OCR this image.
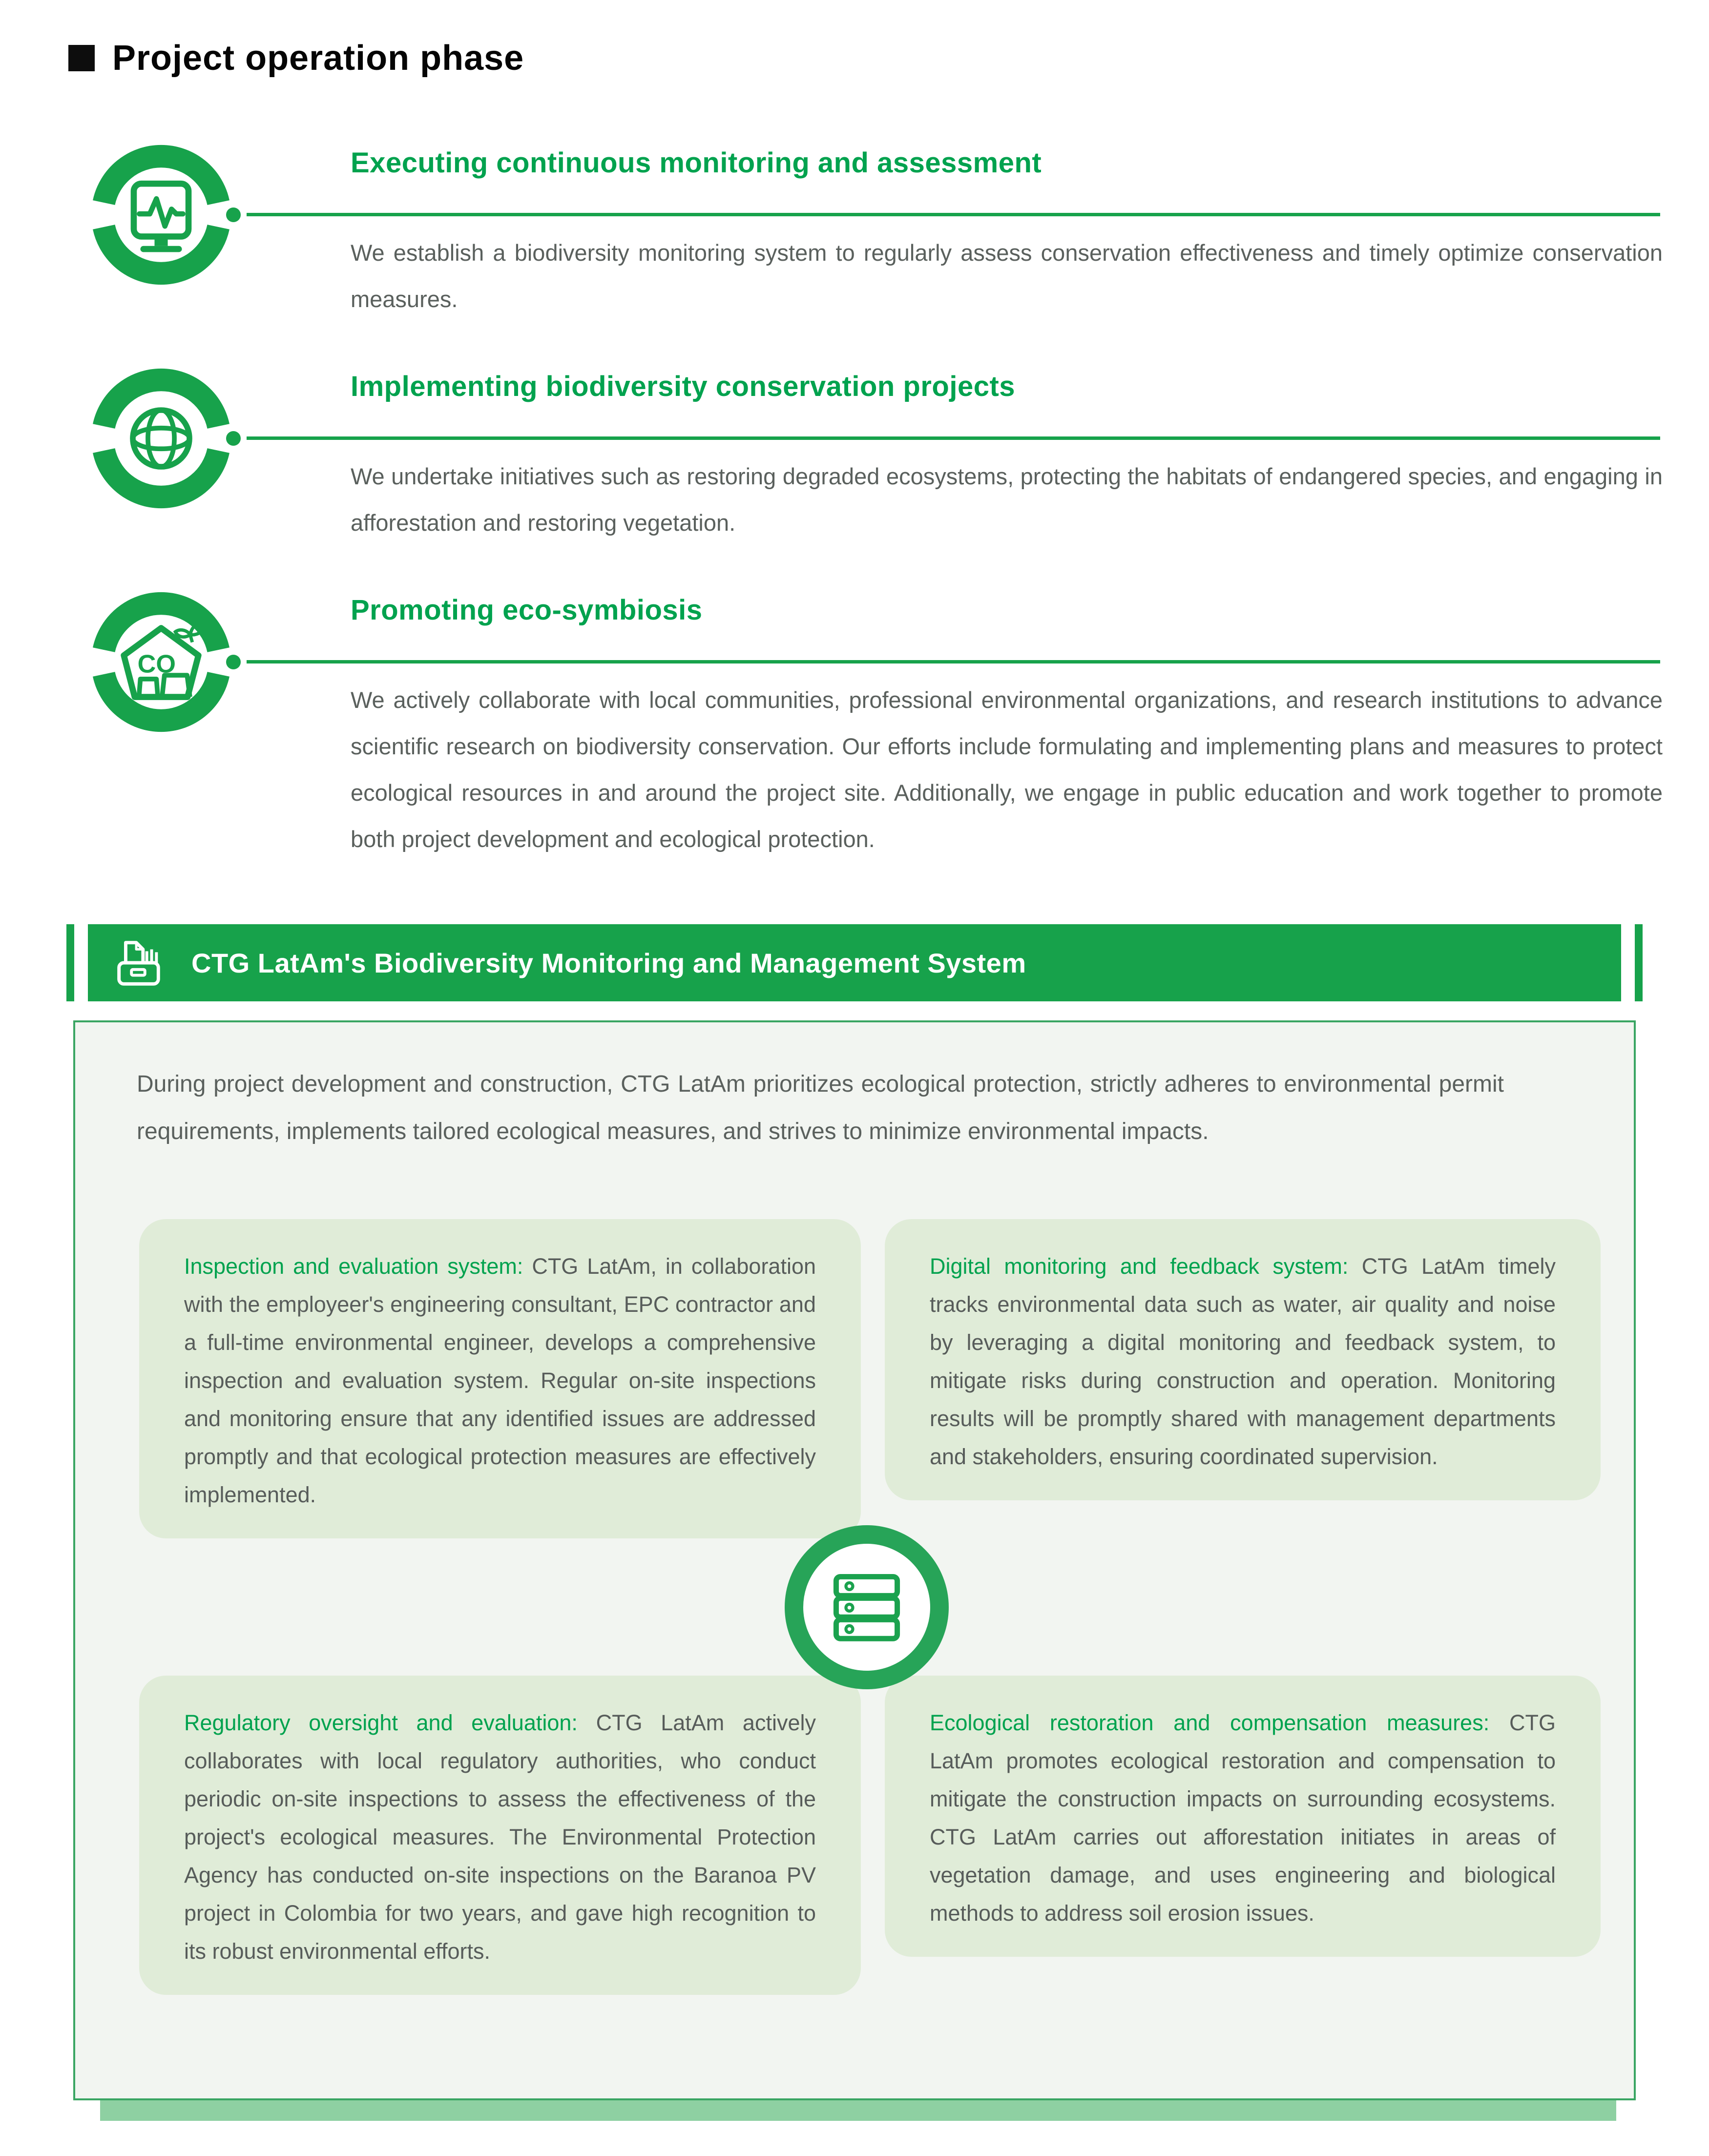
Project operation phase
Executing continuous monitoring and assessment
We establish a biodiversity monitoring system to regularly assess conservation effectiveness and timely optimize conservation measures.
Implementing biodiversity conservation projects
We undertake initiatives such as restoring degraded ecosystems, protecting the habitats of endangered species, and engaging in afforestation and restoring vegetation.
CO
Promoting eco-symbiosis
We actively collaborate with local communities, professional environmental organizations, and research institutions to advance scientific research on biodiversity conservation. Our efforts include formulating and implementing plans and measures to protect ecological resources in and around the project site. Additionally, we engage in public education and work together to promote both project development and ecological protection.
CTG LatAm's Biodiversity Monitoring and Management System
During project development and construction, CTG LatAm prioritizes ecological protection, strictly adheres to environmental permit requirements, implements tailored ecological measures, and strives to minimize environmental impacts.
Inspection and evaluation system: CTG LatAm, in collaboration with the employeer's engineering consultant, EPC contractor and a full-time environmental engineer, develops a comprehensive inspection and evaluation system. Regular on-site inspections and monitoring ensure that any identified issues are addressed promptly and that ecological protection measures are effectively implemented.
Digital monitoring and feedback system: CTG LatAm timely tracks environmental data such as water, air quality and noise by leveraging a digital monitoring and feedback system, to mitigate risks during construction and operation. Monitoring results will be promptly shared with management departments and stakeholders, ensuring coordinated supervision.
Regulatory oversight and evaluation: CTG LatAm actively collaborates with local regulatory authorities, who conduct periodic on-site inspections to assess the effectiveness of the project's ecological measures. The Environmental Protection Agency has conducted on-site inspections on the Baranoa PV project in Colombia for two years, and gave high recognition to its robust environmental efforts.
Ecological restoration and compensation measures: CTG LatAm promotes ecological restoration and compensation to mitigate the construction impacts on surrounding ecosystems. CTG LatAm carries out afforestation initiates in areas of vegetation damage, and uses engineering and biological methods to address soil erosion issues.
